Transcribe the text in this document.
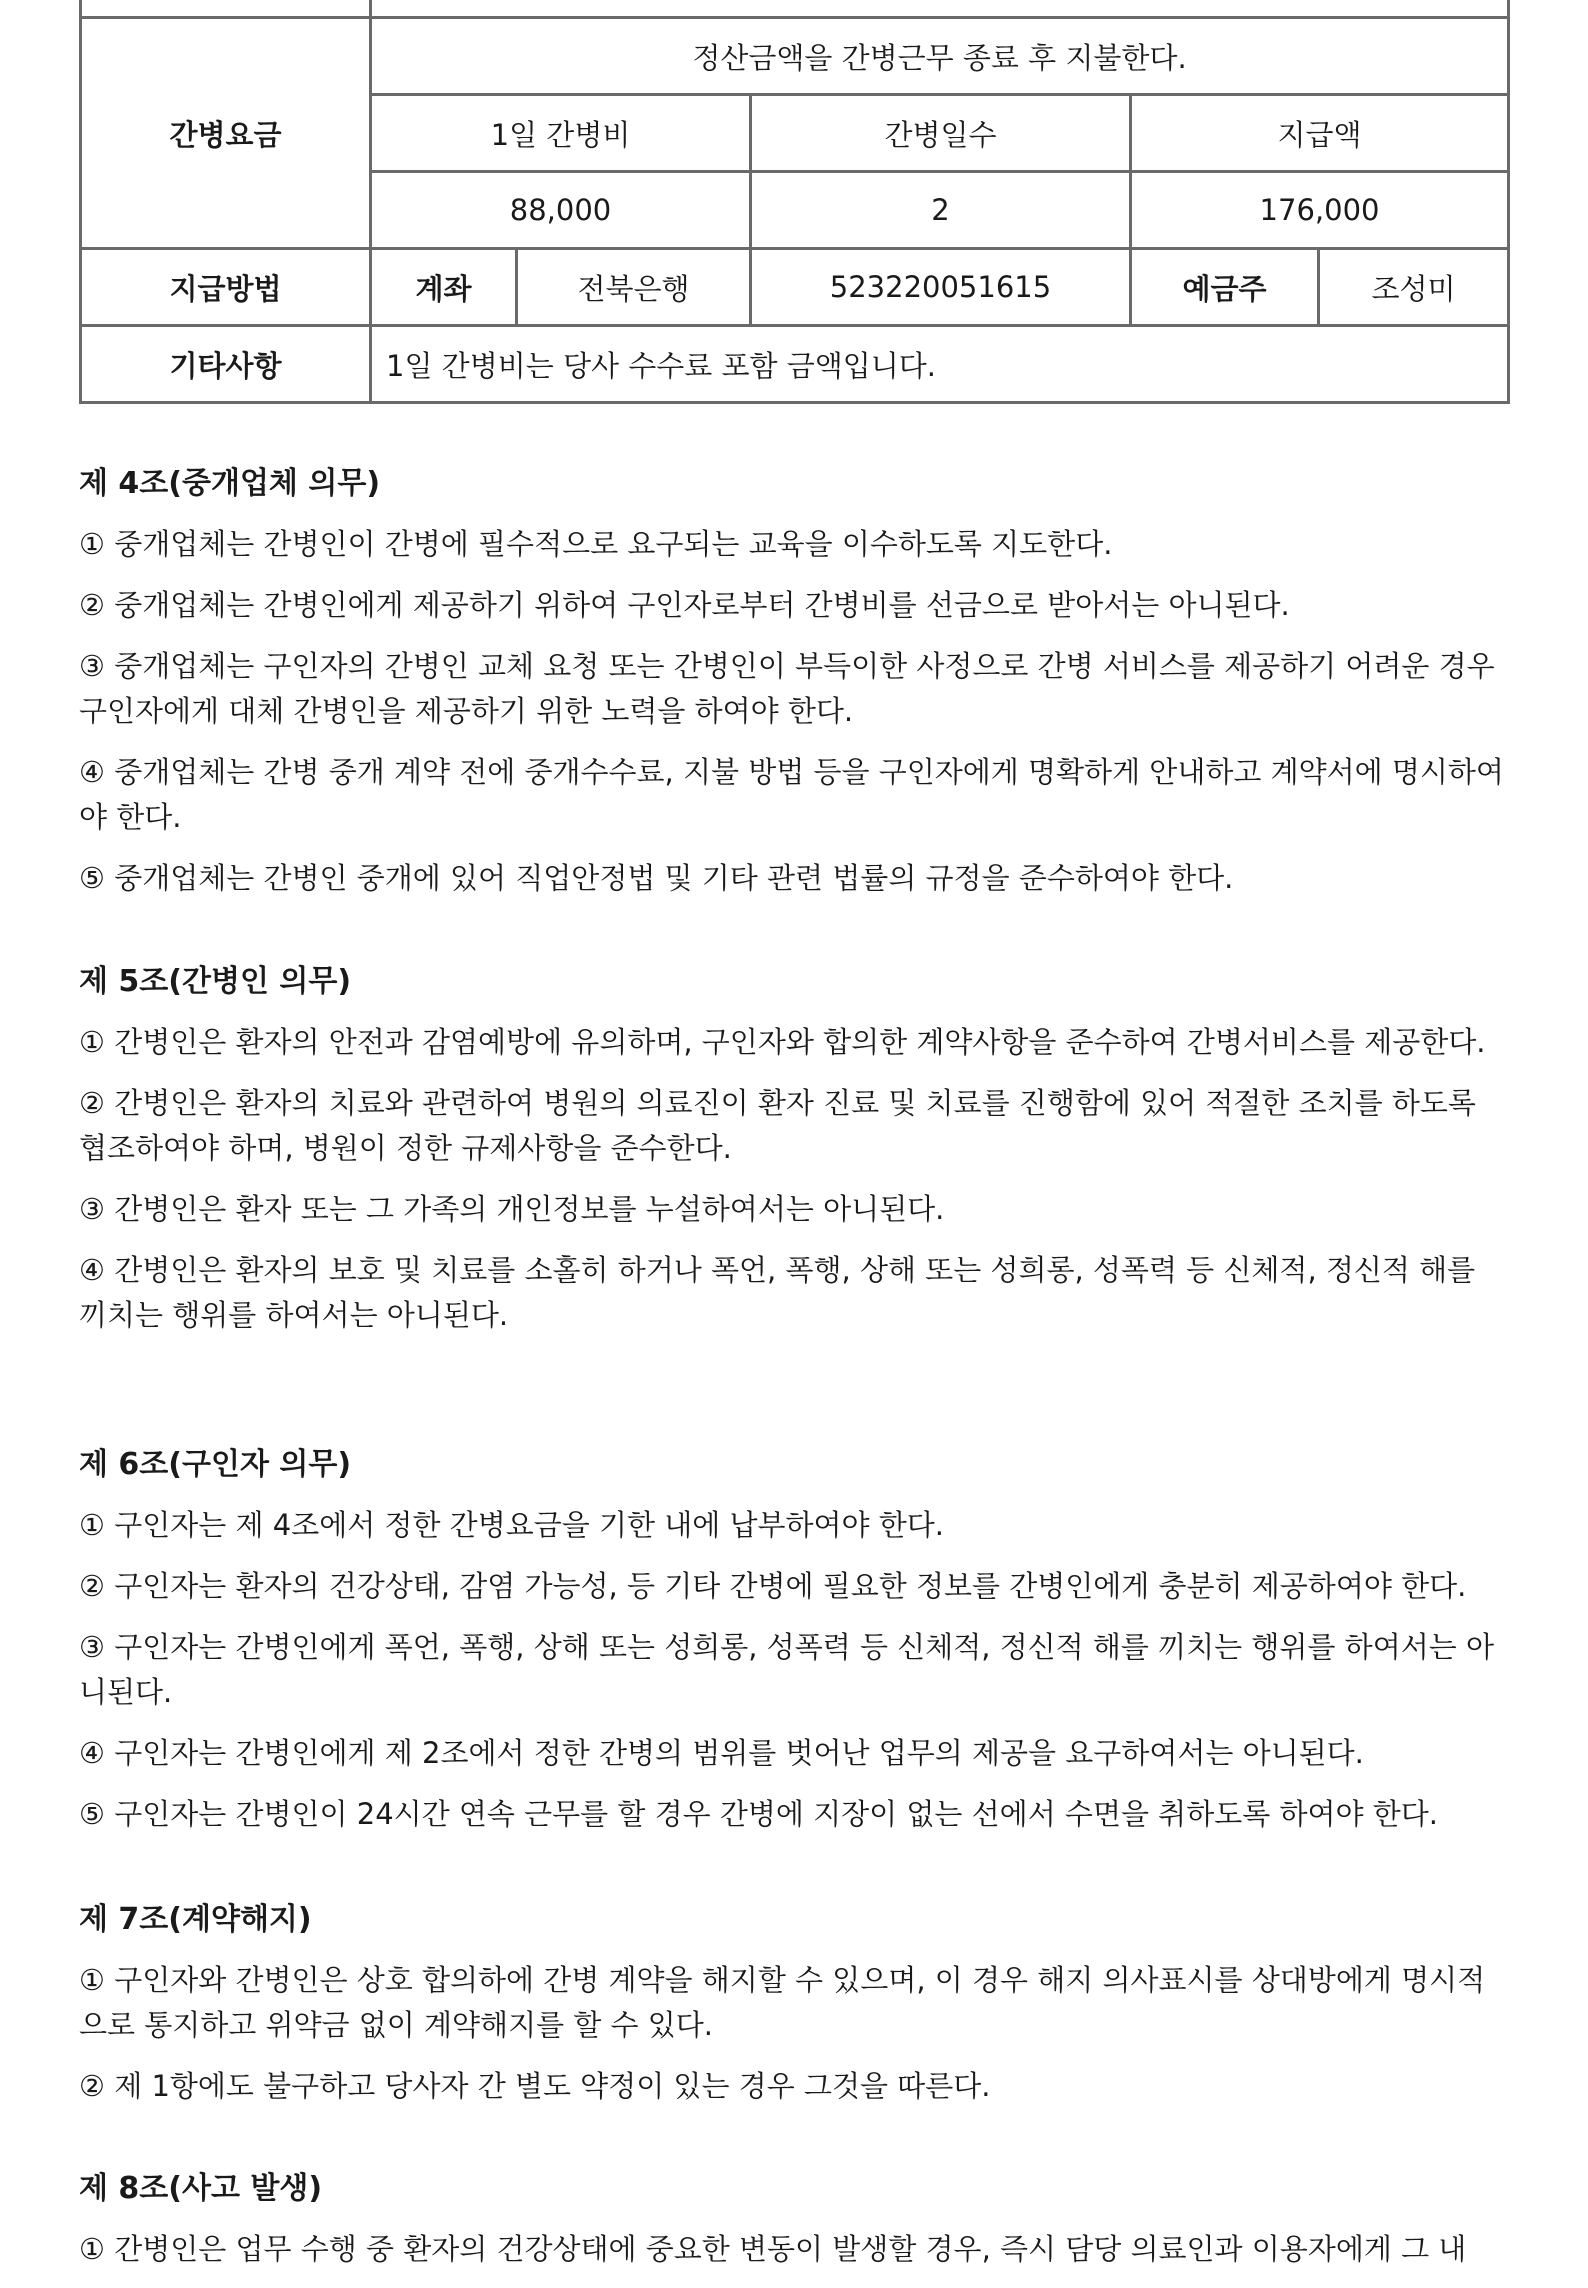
간병요금	정산금액을 간병근무 종료 후 지불한다.				
	1일 간병비		간병일수	지급액	
	88,000		2	176,000	
지급방법	계좌	전북은행	523220051615	예금주	조성미
기타사항	1일 간병비는 당사 수수료 포함 금액입니다.				
제 4조(중개업체 의무)
① 중개업체는 간병인이 간병에 필수적으로 요구되는 교육을 이수하도록 지도한다.
② 중개업체는 간병인에게 제공하기 위하여 구인자로부터 간병비를 선금으로 받아서는 아니된다.
③ 중개업체는 구인자의 간병인 교체 요청 또는 간병인이 부득이한 사정으로 간병 서비스를 제공하기 어려운 경우 구인자에게 대체 간병인을 제공하기 위한 노력을 하여야 한다.
④ 중개업체는 간병 중개 계약 전에 중개수수료, 지불 방법 등을 구인자에게 명확하게 안내하고 계약서에 명시하여야 한다.
⑤ 중개업체는 간병인 중개에 있어 직업안정법 및 기타 관련 법률의 규정을 준수하여야 한다.
제 5조(간병인 의무)
① 간병인은 환자의 안전과 감염예방에 유의하며, 구인자와 합의한 계약사항을 준수하여 간병서비스를 제공한다.
② 간병인은 환자의 치료와 관련하여 병원의 의료진이 환자 진료 및 치료를 진행함에 있어 적절한 조치를 하도록 협조하여야 하며, 병원이 정한 규제사항을 준수한다.
③ 간병인은 환자 또는 그 가족의 개인정보를 누설하여서는 아니된다.
④ 간병인은 환자의 보호 및 치료를 소홀히 하거나 폭언, 폭행, 상해 또는 성희롱, 성폭력 등 신체적, 정신적 해를 끼치는 행위를 하여서는 아니된다.
제 6조(구인자 의무)
① 구인자는 제 4조에서 정한 간병요금을 기한 내에 납부하여야 한다.
② 구인자는 환자의 건강상태, 감염 가능성, 등 기타 간병에 필요한 정보를 간병인에게 충분히 제공하여야 한다.
③ 구인자는 간병인에게 폭언, 폭행, 상해 또는 성희롱, 성폭력 등 신체적, 정신적 해를 끼치는 행위를 하여서는 아니된다.
④ 구인자는 간병인에게 제 2조에서 정한 간병의 범위를 벗어난 업무의 제공을 요구하여서는 아니된다.
⑤ 구인자는 간병인이 24시간 연속 근무를 할 경우 간병에 지장이 없는 선에서 수면을 취하도록 하여야 한다.
제 7조(계약해지)
① 구인자와 간병인은 상호 합의하에 간병 계약을 해지할 수 있으며, 이 경우 해지 의사표시를 상대방에게 명시적으로 통지하고 위약금 없이 계약해지를 할 수 있다.
② 제 1항에도 불구하고 당사자 간 별도 약정이 있는 경우 그것을 따른다.
제 8조(사고 발생)
① 간병인은 업무 수행 중 환자의 건강상태에 중요한 변동이 발생할 경우, 즉시 담당 의료인과 이용자에게 그 내
